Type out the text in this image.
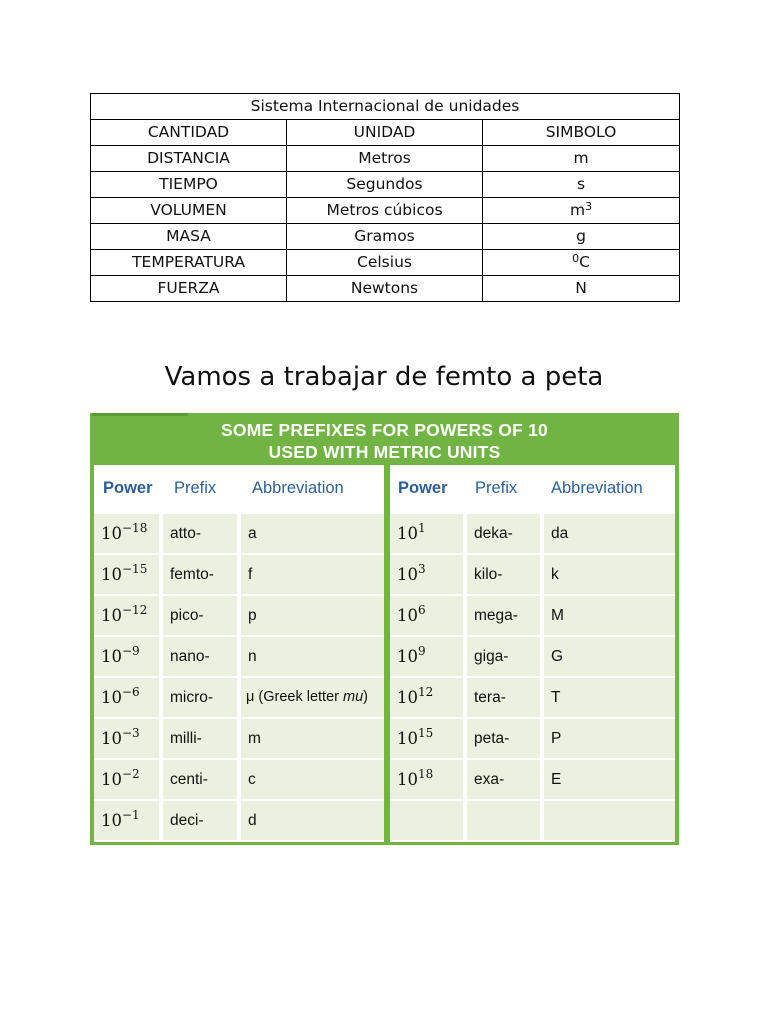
Sistema Internacional de unidades		
CANTIDAD	UNIDAD	SIMBOLO
DISTANCIA	Metros	m
TIEMPO	Segundos	s
VOLUMEN	Metros cúbicos	$m^3$
MASA	Gramos	g
TEMPERATURA	Celsius	$^0$C
FUERZA	Newtons	N
Vamos a trabajar de femto a peta
SOME PREFIXES FOR POWERS OF 10
USED WITH METRIC UNITS
Power Prefix Abbreviation
$10^{-18}$	atto-	a
$10^{-15}$	femto-	f
$10^{-12}$	pico-	p
$10^{-9}$	nano-	n
$10^{-6}$	micro-	μ (Greek letter mu)
$10^{-3}$	milli-	m
$10^{-2}$	centi-	c
$10^{-1}$	deci-	d
Power Prefix Abbreviation
$10^1$	deka-	da
$10^3$	kilo-	k
$10^6$	mega-	M
$10^9$	giga-	G
$10^{12}$	tera-	T
$10^{15}$	peta-	P
$10^{18}$	exa-	E
